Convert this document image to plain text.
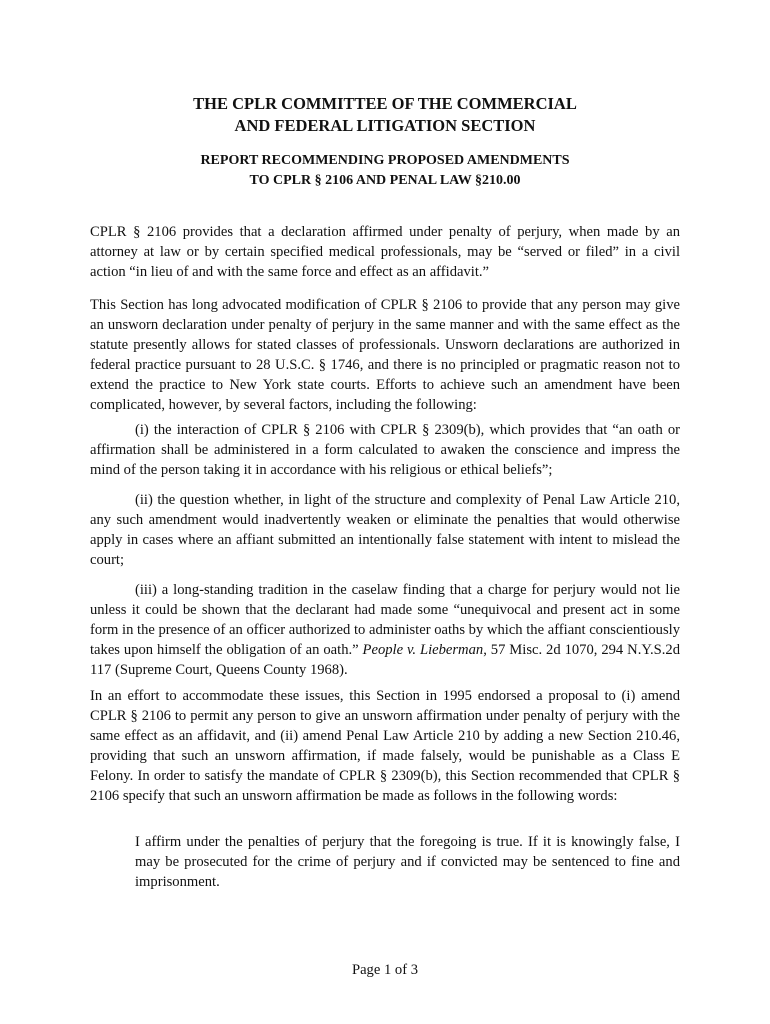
THE CPLR COMMITTEE OF THE COMMERCIAL
AND FEDERAL LITIGATION SECTION
REPORT RECOMMENDING PROPOSED AMENDMENTS
TO CPLR § 2106 AND PENAL LAW §210.00

CPLR § 2106 provides that a declaration affirmed under penalty of perjury, when made by an attorney at law or by certain specified medical professionals, may be “served or filed” in a civil action “in lieu of and with the same force and effect as an affidavit.”

This Section has long advocated modification of CPLR § 2106 to provide that any person may give an unsworn declaration under penalty of perjury in the same manner and with the same effect as the statute presently allows for stated classes of professionals. Unsworn declarations are authorized in federal practice pursuant to 28 U.S.C. § 1746, and there is no principled or pragmatic reason not to extend the practice to New York state courts. Efforts to achieve such an amendment have been complicated, however, by several factors, including the following:

(i) the interaction of CPLR § 2106 with CPLR § 2309(b), which provides that “an oath or affirmation shall be administered in a form calculated to awaken the conscience and impress the mind of the person taking it in accordance with his religious or ethical beliefs”;

(ii) the question whether, in light of the structure and complexity of Penal Law Article 210, any such amendment would inadvertently weaken or eliminate the penalties that would otherwise apply in cases where an affiant submitted an intentionally false statement with intent to mislead the court;

(iii) a long-standing tradition in the caselaw finding that a charge for perjury would not lie unless it could be shown that the declarant had made some “unequivocal and present act in some form in the presence of an officer authorized to administer oaths by which the affiant conscientiously takes upon himself the obligation of an oath.” People v. Lieberman, 57 Misc. 2d 1070, 294 N.Y.S.2d 117 (Supreme Court, Queens County 1968).

In an effort to accommodate these issues, this Section in 1995 endorsed a proposal to (i) amend CPLR § 2106 to permit any person to give an unsworn affirmation under penalty of perjury with the same effect as an affidavit, and (ii) amend Penal Law Article 210 by adding a new Section 210.46, providing that such an unsworn affirmation, if made falsely, would be punishable as a Class E Felony. In order to satisfy the mandate of CPLR § 2309(b), this Section recommended that CPLR § 2106 specify that such an unsworn affirmation be made as follows in the following words:

I affirm under the penalties of perjury that the foregoing is true. If it is knowingly false, I may be prosecuted for the crime of perjury and if convicted may be sentenced to fine and imprisonment.

Page 1 of 3
